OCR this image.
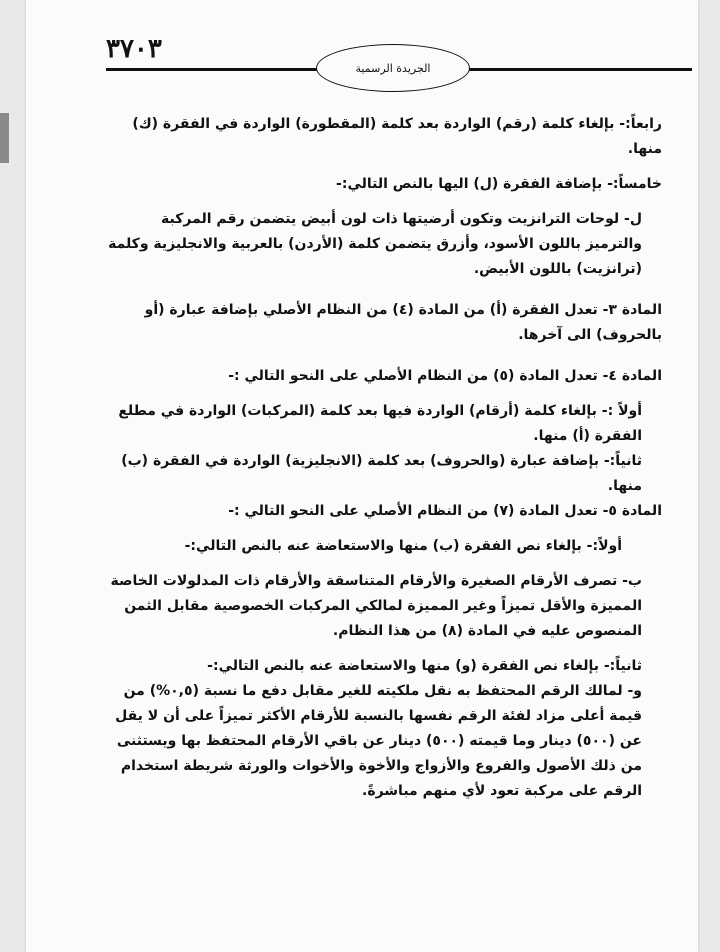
٣٧٠٣
الجريدة الرسمية

رابعاً:- بإلغاء كلمة (رقم) الواردة بعد كلمة (المقطورة) الواردة في الفقرة (ك) منها.

خامساً:- بإضافة الفقرة (ل) اليها بالنص التالي:-

ل- لوحات الترانزيت وتكون أرضيتها ذات لون أبيض يتضمن رقم المركبة والترميز باللون الأسود، وأزرق يتضمن كلمة (الأردن) بالعربية والانجليزية وكلمة (ترانزيت) باللون الأبيض.

المادة ٣- تعدل الفقرة (أ) من المادة (٤) من النظام الأصلي بإضافة عبارة (أو بالحروف) الى آخرها.

المادة ٤- تعدل المادة (٥) من النظام الأصلي على النحو التالي :-

أولاً :- بإلغاء كلمة (أرقام) الواردة فيها بعد كلمة (المركبات) الواردة في مطلع الفقرة (أ) منها.

ثانياً:- بإضافة عبارة (والحروف) بعد كلمة (الانجليزية) الواردة في الفقرة (ب) منها.

المادة ٥- تعدل المادة (٧) من النظام الأصلي على النحو التالي :-

أولاً:- بإلغاء نص الفقرة (ب) منها والاستعاضة عنه بالنص التالي:-

ب- تصرف الأرقام الصغيرة والأرقام المتناسقة والأرقام ذات المدلولات الخاصة المميزة والأقل تميزاً وغير المميزة لمالكي المركبات الخصوصية مقابل الثمن المنصوص عليه في المادة (٨) من هذا النظام.

ثانياً:- بإلغاء نص الفقرة (و) منها والاستعاضة عنه بالنص التالي:-

و- لمالك الرقم المحتفظ به نقل ملكيته للغير مقابل دفع ما نسبة (٠,٥%) من قيمة أعلى مزاد لفئة الرقم نفسها بالنسبة للأرقام الأكثر تميزاً على أن لا يقل عن (٥٠٠) دينار وما قيمته (٥٠٠) دينار عن باقي الأرقام المحتفظ بها ويستثنى من ذلك الأصول والفروع والأزواج والأخوة والأخوات والورثة شريطة استخدام الرقم على مركبة تعود لأي منهم مباشرةً.
